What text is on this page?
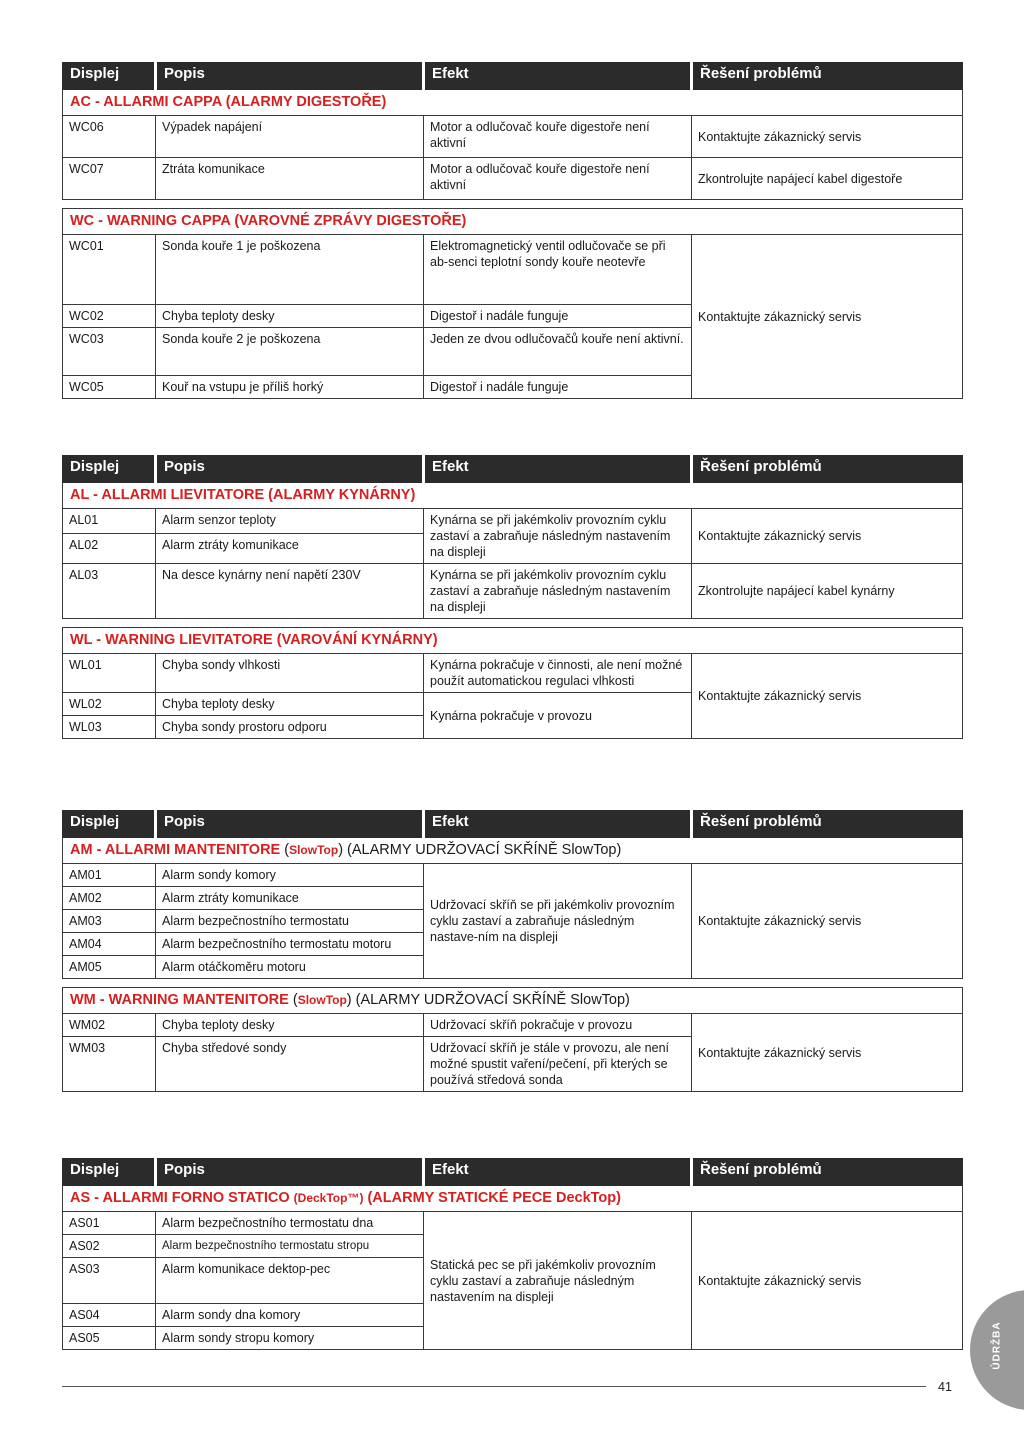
Displej	Popis	Efekt	Řešení problémů
AC - ALLARMI CAPPA (ALARMY DIGESTOŘE)			
WC06	Výpadek napájení	Motor a odlučovač kouře digestoře není aktivní	Kontaktujte zákaznický servis
WC07	Ztráta komunikace	Motor a odlučovač kouře digestoře není aktivní	Zkontrolujte napájecí kabel digestoře

WC - WARNING CAPPA (VAROVNÉ ZPRÁVY DIGESTOŘE)			
WC01	Sonda kouře 1 je poškozena	Elektromagnetický ventil odlučovače se při ab-senci teplotní sondy kouře neotevře	Kontaktujte zákaznický servis
WC02	Chyba teploty desky	Digestoř i nadále funguje	
WC03	Sonda kouře 2 je poškozena	Jeden ze dvou odlučovačů kouře není aktivní.	
WC05	Kouř na vstupu je příliš horký	Digestoř i nadále funguje	
Displej	Popis	Efekt	Řešení problémů
AL - ALLARMI LIEVITATORE (ALARMY KYNÁRNY)			
AL01	Alarm senzor teploty	Kynárna se při jakémkoliv provozním cyklu zastaví a zabraňuje následným nastavením na displeji	Kontaktujte zákaznický servis
AL02	Alarm ztráty komunikace		
AL03	Na desce kynárny není napětí 230V	Kynárna se při jakémkoliv provozním cyklu zastaví a zabraňuje následným nastavením na displeji	Zkontrolujte napájecí kabel kynárny

WL - WARNING LIEVITATORE (VAROVÁNÍ KYNÁRNY)			
WL01	Chyba sondy vlhkosti	Kynárna pokračuje v činnosti, ale není možné použít automatickou regulaci vlhkosti	Kontaktujte zákaznický servis
WL02	Chyba teploty desky	Kynárna pokračuje v provozu	
WL03	Chyba sondy prostoru odporu		
Displej	Popis	Efekt	Řešení problémů
AM - ALLARMI MANTENITORE (SlowTop) (ALARMY UDRŽOVACÍ SKŘÍNĚ SlowTop)			
AM01	Alarm sondy komory	Udržovací skříň se při jakémkoliv provozním cyklu zastaví a zabraňuje následným nastave-ním na displeji	Kontaktujte zákaznický servis
AM02	Alarm ztráty komunikace		
AM03	Alarm bezpečnostního termostatu		
AM04	Alarm bezpečnostního termostatu motoru		
AM05	Alarm otáčkoměru motoru		

WM - WARNING MANTENITORE (SlowTop) (ALARMY UDRŽOVACÍ SKŘÍNĚ SlowTop)			
WM02	Chyba teploty desky	Udržovací skříň pokračuje v provozu	Kontaktujte zákaznický servis
WM03	Chyba středové sondy	Udržovací skříň je stále v provozu, ale není možné spustit vaření/pečení, při kterých se používá středová sonda	
Displej	Popis	Efekt	Řešení problémů
AS - ALLARMI FORNO STATICO (DeckTop™) (ALARMY STATICKÉ PECE DeckTop)			
AS01	Alarm bezpečnostního termostatu dna	Statická pec se při jakémkoliv provozním cyklu zastaví a zabraňuje následným nastavením na displeji	Kontaktujte zákaznický servis
AS02	Alarm bezpečnostního termostatu stropu		
AS03	Alarm komunikace dektop-pec		
AS04	Alarm sondy dna komory		
AS05	Alarm sondy stropu komory		
41
ÚDRŽBA
